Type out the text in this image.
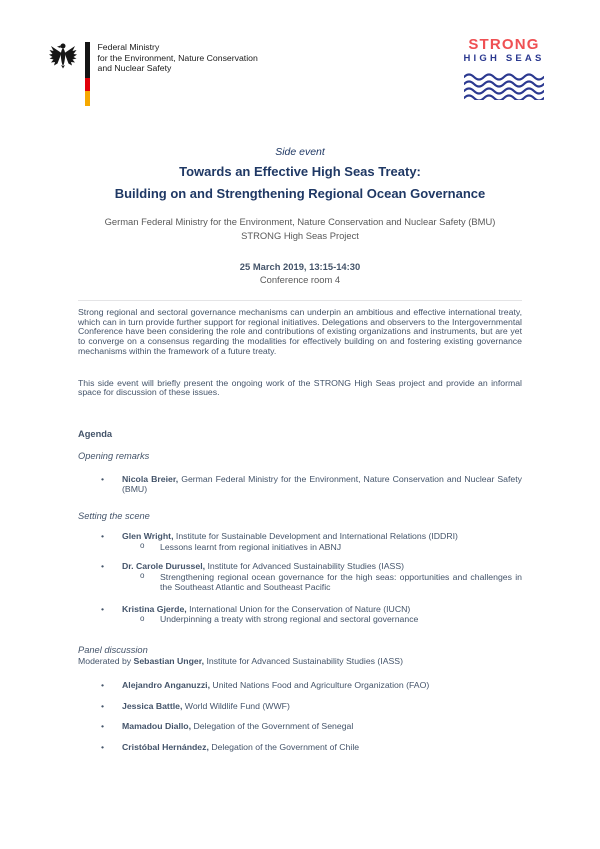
Federal Ministry
for the Environment, Nature Conservation
and Nuclear Safety
STRONG
HIGH SEAS
Side event
Towards an Effective High Seas Treaty:
Building on and Strengthening Regional Ocean Governance
German Federal Ministry for the Environment, Nature Conservation and Nuclear Safety (BMU)
STRONG High Seas Project
25 March 2019, 13:15-14:30
Conference room 4

Strong regional and sectoral governance mechanisms can underpin an ambitious and effective international treaty, which can in turn provide further support for regional initiatives. Delegations and observers to the Intergovernmental Conference have been considering the role and contributions of existing organizations and instruments, but are yet to converge on a consensus regarding the modalities for effectively building on and fostering existing governance mechanisms within the framework of a future treaty.

This side event will briefly present the ongoing work of the STRONG High Seas project and provide an informal space for discussion of these issues.

Agenda
Opening remarks
• Nicola Breier, German Federal Ministry for the Environment, Nature Conservation and Nuclear Safety (BMU)
Setting the scene
• Glen Wright, Institute for Sustainable Development and International Relations (IDDRI)
o Lessons learnt from regional initiatives in ABNJ
• Dr. Carole Durussel, Institute for Advanced Sustainability Studies (IASS)
o Strengthening regional ocean governance for the high seas: opportunities and challenges in the Southeast Atlantic and Southeast Pacific
• Kristina Gjerde, International Union for the Conservation of Nature (IUCN)
o Underpinning a treaty with strong regional and sectoral governance
Panel discussion
Moderated by Sebastian Unger, Institute for Advanced Sustainability Studies (IASS)
• Alejandro Anganuzzi, United Nations Food and Agriculture Organization (FAO)
• Jessica Battle, World Wildlife Fund (WWF)
• Mamadou Diallo, Delegation of the Government of Senegal
• Cristóbal Hernández, Delegation of the Government of Chile
